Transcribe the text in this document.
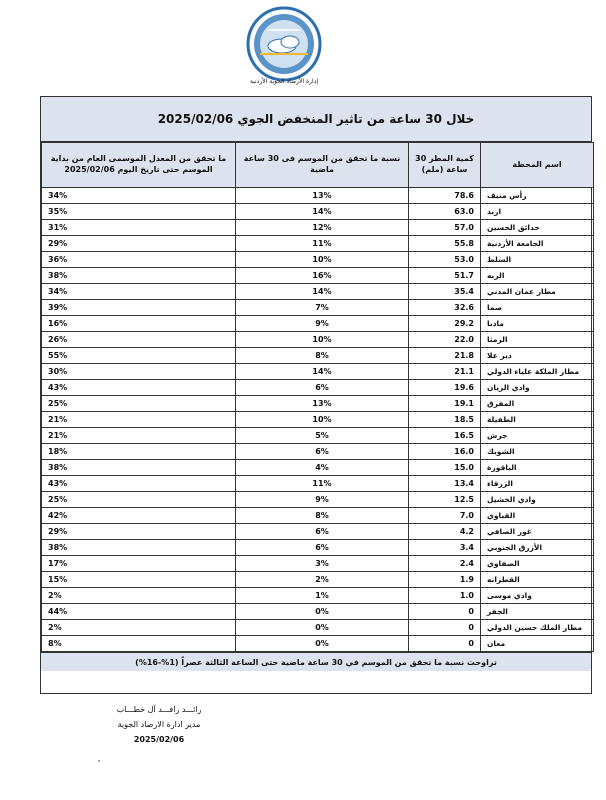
إدارة الأرصاد الجوية الأردنية
خلال 30 ساعة من تاثير المنخفض الجوي 2025/02/06
اسم المحطة	كمية المطر 30 ساعة (ملم)	نسبة ما تحقق من الموسم فى 30 ساعة ماضية	ما تحقق من المعدل الموسمى العام من بداية الموسم حتى تاريخ اليوم 2025/02/06
رأس منيف	78.6	13%	34%
اربد	63.0	14%	35%
حدائق الحسين	57.0	12%	31%
الجامعة الأردنية	55.8	11%	29%
السلط	53.0	10%	36%
الربه	51.7	16%	38%
مطار عمان المدني	35.4	14%	34%
صما	32.6	7%	39%
مادبا	29.2	9%	16%
الرمثا	22.0	10%	26%
دير علا	21.8	8%	55%
مطار الملكة علياء الدولي	21.1	14%	30%
وادي الريان	19.6	6%	43%
المفرق	19.1	13%	25%
الطفيلة	18.5	10%	21%
جرش	16.5	5%	21%
الشوبك	16.0	6%	18%
الباقورة	15.0	4%	38%
الزرقاء	13.4	11%	43%
وادي الخشيل	12.5	9%	25%
القباوي	7.0	8%	42%
غور الصافي	4.2	6%	29%
الأزرق الجنوبي	3.4	6%	38%
الصفاوي	2.4	3%	17%
القطرانه	1.9	2%	15%
وادي موسى	1.0	1%	2%
الجفر	0	0%	44%
مطار الملك حسين الدولي	0	0%	2%
معان	0	0%	8%
تراوحت نسبة ما تحقق من الموسم في 30 ساعة ماضية حتى الساعة الثالثة عصراً (1%-16%)
رائـــد رافـــد آل خطـــاب
مدير ادارة الارصاد الجوية
2025/02/06
